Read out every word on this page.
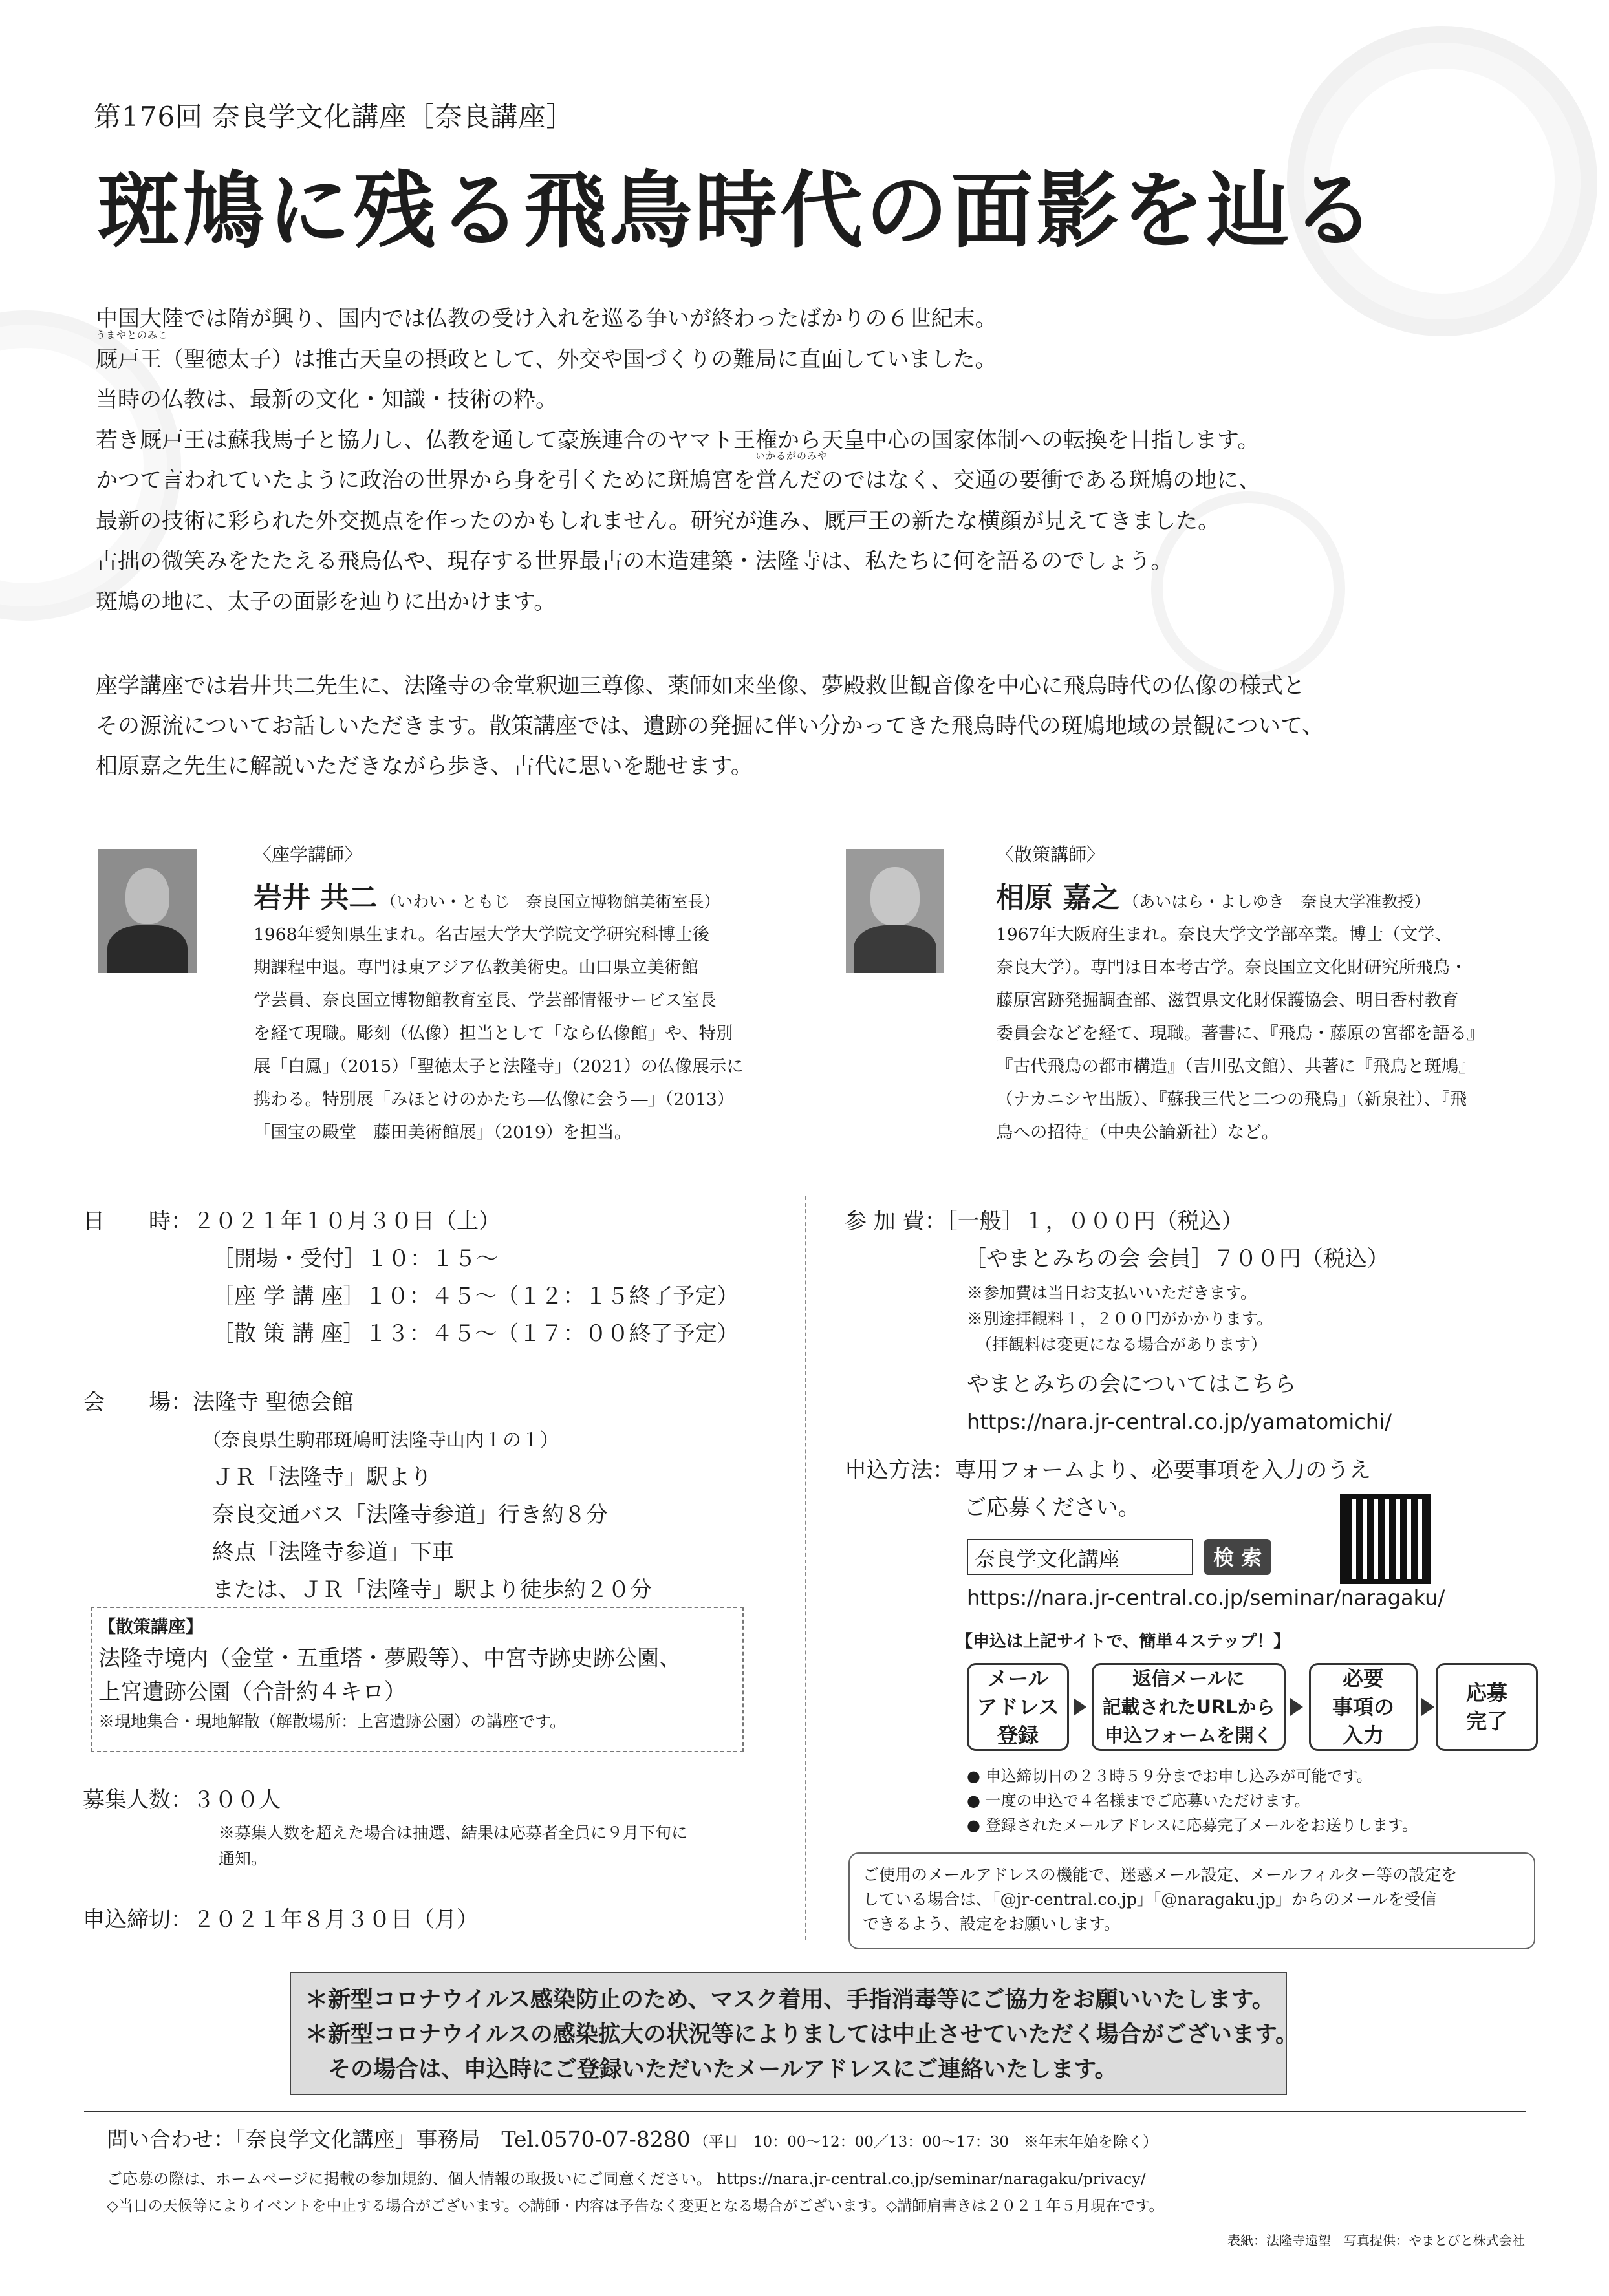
第176回 奈良学文化講座［奈良講座］
斑鳩に残る飛鳥時代の面影を辿る

中国大陸では隋が興り、国内では仏教の受け入れを巡る争いが終わったばかりの６世紀末。

うまやとのみこ
厩戸王（聖徳太子）は推古天皇の摂政として、外交や国づくりの難局に直面していました。

当時の仏教は、最新の文化・知識・技術の粋。

若き厩戸王は蘇我馬子と協力し、仏教を通して豪族連合のヤマト王権から天皇中心の国家体制への転換を目指します。

いかるがのみや
かつて言われていたように政治の世界から身を引くために斑鳩宮を営んだのではなく、交通の要衝である斑鳩の地に、

最新の技術に彩られた外交拠点を作ったのかもしれません。研究が進み、厩戸王の新たな横顔が見えてきました。

古拙の微笑みをたたえる飛鳥仏や、現存する世界最古の木造建築・法隆寺は、私たちに何を語るのでしょう。

斑鳩の地に、太子の面影を辿りに出かけます。

座学講座では岩井共二先生に、法隆寺の金堂釈迦三尊像、薬師如来坐像、夢殿救世観音像を中心に飛鳥時代の仏像の様式と

その源流についてお話しいただきます。散策講座では、遺跡の発掘に伴い分かってきた飛鳥時代の斑鳩地域の景観について、

相原嘉之先生に解説いただきながら歩き、古代に思いを馳せます。

〈座学講師〉
岩井 共二 （いわい・ともじ　奈良国立博物館美術室長）

1968年愛知県生まれ。名古屋大学大学院文学研究科博士後

期課程中退。専門は東アジア仏教美術史。山口県立美術館

学芸員、奈良国立博物館教育室長、学芸部情報サービス室長

を経て現職。彫刻（仏像）担当として「なら仏像館」や、特別

展「白鳳」（2015）「聖徳太子と法隆寺」（2021）の仏像展示に

携わる。特別展「みほとけのかたち―仏像に会う―」（2013）

「国宝の殿堂　藤田美術館展」（2019）を担当。

〈散策講師〉
相原 嘉之 （あいはら・よしゆき　奈良大学准教授）

1967年大阪府生まれ。奈良大学文学部卒業。博士（文学、

奈良大学）。専門は日本考古学。奈良国立文化財研究所飛鳥・

藤原宮跡発掘調査部、滋賀県文化財保護協会、明日香村教育

委員会などを経て、現職。著書に、『飛鳥・藤原の宮都を語る』

『古代飛鳥の都市構造』（吉川弘文館）、共著に『飛鳥と斑鳩』

（ナカニシヤ出版）、『蘇我三代と二つの飛鳥』（新泉社）、『飛

鳥への招待』（中央公論新社）など。

日　　時：２０２１年１０月３０日（土）
［開場・受付］１０：１５～
［座 学 講 座］１０：４５～（１２：１５終了予定）
［散 策 講 座］１３：４５～（１７：００終了予定）
会　　場：法隆寺 聖徳会館
（奈良県生駒郡斑鳩町法隆寺山内１の１）
ＪＲ「法隆寺」駅より
奈良交通バス「法隆寺参道」行き約８分
終点「法隆寺参道」下車
または、ＪＲ「法隆寺」駅より徒歩約２０分
【散策講座】
法隆寺境内（金堂・五重塔・夢殿等）、中宮寺跡史跡公園、
上宮遺跡公園（合計約４キロ）
※現地集合・現地解散（解散場所：上宮遺跡公園）の講座です。
募集人数：３００人
※募集人数を超えた場合は抽選、結果は応募者全員に９月下旬に
通知。
申込締切：２０２１年８月３０日（月）
参 加 費：［一般］１，０００円（税込）
［やまとみちの会 会員］７００円（税込）
※参加費は当日お支払いいただきます。
※別途拝観料１，２００円がかかります。
（拝観料は変更になる場合があります）
やまとみちの会についてはこちら
https://nara.jr-central.co.jp/yamatomichi/
申込方法：専用フォームより、必要事項を入力のうえ
ご応募ください。
奈良学文化講座	検 索
https://nara.jr-central.co.jp/seminar/naragaku/
【申込は上記サイトで、簡単４ステップ！】
メール
アドレス
登録
返信メールに
記載されたURLから
申込フォームを開く
必要
事項の
入力
応募
完了
● 申込締切日の２３時５９分までお申し込みが可能です。
● 一度の申込で４名様までご応募いただけます。
● 登録されたメールアドレスに応募完了メールをお送りします。

ご使用のメールアドレスの機能で、迷惑メール設定、メールフィルター等の設定を

している場合は、「@jr-central.co.jp」「@naragaku.jp」からのメールを受信

できるよう、設定をお願いします。

＊新型コロナウイルス感染防止のため、マスク着用、手指消毒等にご協力をお願いいたします。

＊新型コロナウイルスの感染拡大の状況等によりましては中止させていただく場合がございます。

　その場合は、申込時にご登録いただいたメールアドレスにご連絡いたします。

問い合わせ：「奈良学文化講座」事務局　Tel.0570-07-8280 （平日　10：00～12：00／13：00～17：30　※年末年始を除く）
ご応募の際は、ホームページに掲載の参加規約、個人情報の取扱いにご同意ください。 https://nara.jr-central.co.jp/seminar/naragaku/privacy/
◇当日の天候等によりイベントを中止する場合がございます。◇講師・内容は予告なく変更となる場合がございます。◇講師肩書きは２０２１年５月現在です。
表紙：法隆寺遠望　写真提供：やまとびと株式会社
